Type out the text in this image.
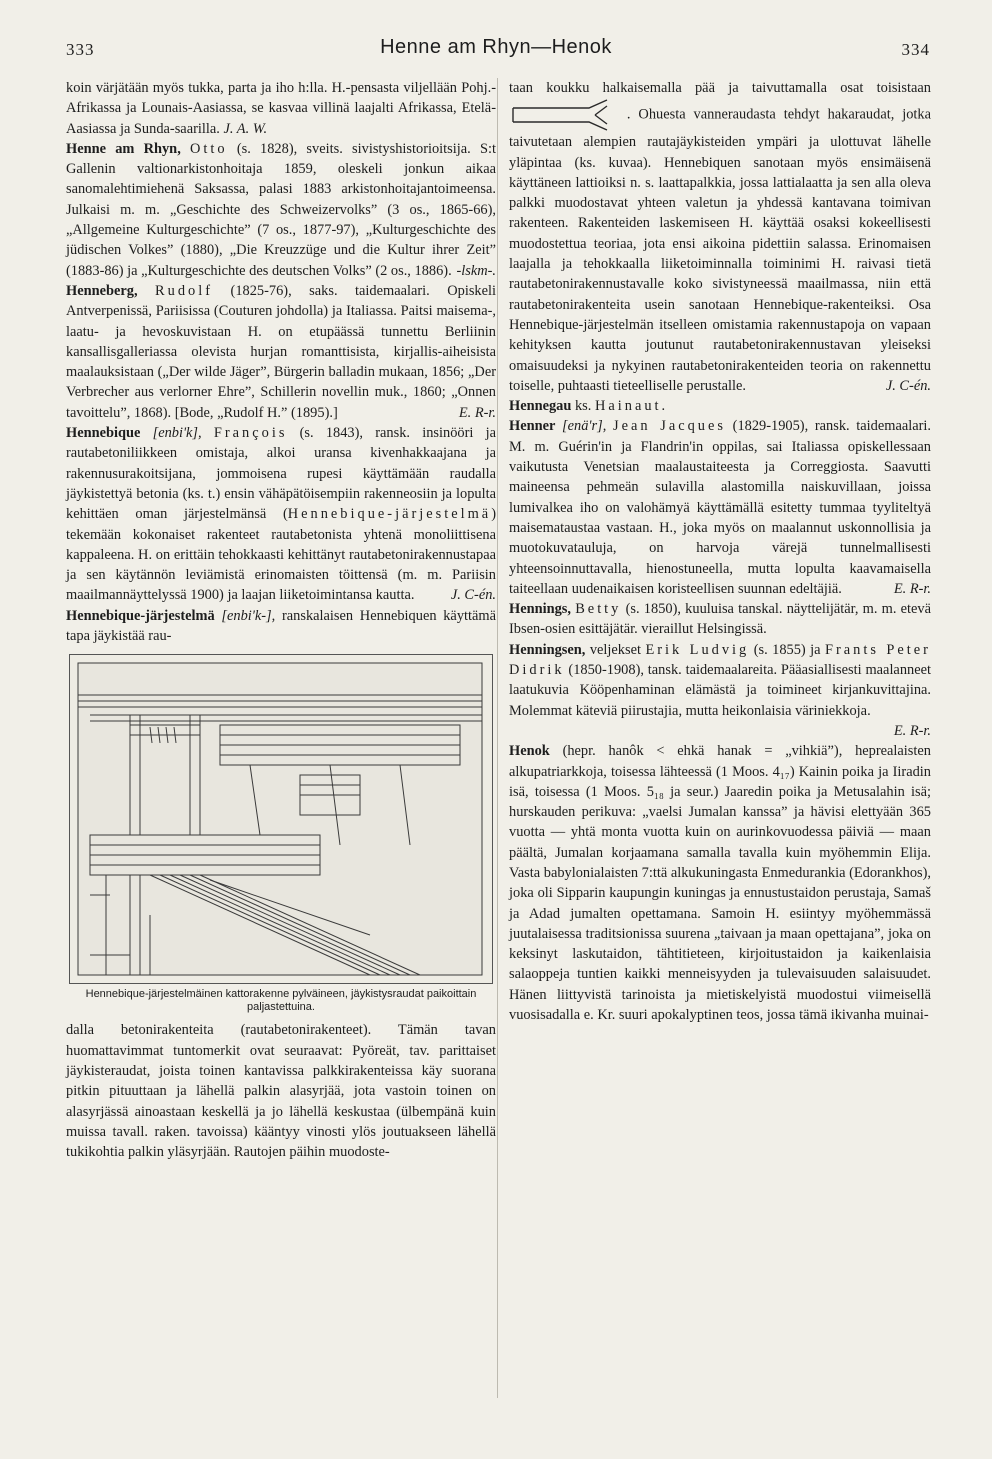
333	Henne am Rhyn—Henok	334

koin värjätään myös tukka, parta ja iho h:lla. H.-pensasta viljellään Pohj.-Afrikassa ja Lounais-Aasiassa, se kasvaa villinä laajalti Afrikassa, Etelä-Aasiassa ja Sunda-saarilla. J. A. W.

Henne am Rhyn, Otto (s. 1828), sveits. sivistyshistorioitsija. S:t Gallenin valtionarkistonhoitaja 1859, oleskeli jonkun aikaa sanomalehtimiehenä Saksassa, palasi 1883 arkistonhoitajantoimeensa. Julkaisi m. m. „Geschichte des Schweizervolks” (3 os., 1865-66), „Allgemeine Kulturgeschichte” (7 os., 1877-97), „Kulturgeschichte des jüdischen Volkes” (1880), „Die Kreuzzüge und die Kultur ihrer Zeit” (1883-86) ja „Kulturgeschichte des deutschen Volks” (2 os., 1886). -lskm-.

Henneberg, Rudolf (1825-76), saks. taidemaalari. Opiskeli Antverpenissä, Pariisissa (Couturen johdolla) ja Italiassa. Paitsi maisema-, laatu- ja hevoskuvistaan H. on etupäässä tunnettu Berliinin kansallisgalleriassa olevista hurjan romanttisista, kirjallis-aiheisista maalauksistaan („Der wilde Jäger”, Bürgerin balladin mukaan, 1856; „Der Verbrecher aus verlorner Ehre”, Schillerin novellin muk., 1860; „Onnen tavoittelu”, 1868). [Bode, „Rudolf H.” (1895).]	E. R-r.

Hennebique [enbi'k], François (s. 1843), ransk. insinööri ja rautabetoniliikkeen omistaja, alkoi uransa kivenhakkaajana ja rakennusurakoitsijana, jommoisena rupesi käyttämään raudalla jäykistettyä betonia (ks. t.) ensin vähäpätöisempiin rakenneosiin ja lopulta kehittäen oman järjestelmänsä (Hennebique-järjestelmä) tekemään kokonaiset rakenteet rautabetonista yhtenä monoliittisena kappaleena. H. on erittäin tehokkaasti kehittänyt rautabetonirakennustapaa ja sen käytännön leviämistä erinomaisten töittensä (m. m. Pariisin maailmannäyttelyssä 1900) ja laajan liiketoimintansa kautta.	J. C-én.

Hennebique-järjestelmä [enbi'k-], ranskalaisen Hennebiquen käyttämä tapa jäykistää rau-

Hennebique-järjestelmäinen kattorakenne pylväineen, jäykistysraudat paikoittain paljastettuina.

dalla betonirakenteita (rautabetonirakenteet). Tämän tavan huomattavimmat tuntomerkit ovat seuraavat: Pyöreät, tav. parittaiset jäykisteraudat, joista toinen kantavissa palkkirakenteissa käy suorana pitkin pituuttaan ja lähellä palkin alasyrjää, jota vastoin toinen on alasyrjässä ainoastaan keskellä ja jo lähellä keskustaa (ülbempänä kuin muissa tavall. raken. tavoissa) kääntyy vinosti ylös joutuakseen lähellä tukikohtia palkin yläsyrjään. Rautojen päihin muodoste-

taan koukku halkaisemalla pää ja taivuttamalla osat toisistaan  . Ohuesta vanneraudasta tehdyt hakaraudat, jotka taivutetaan alempien rautajäykisteiden ympäri ja ulottuvat lähelle yläpintaa (ks. kuvaa). Hennebiquen sanotaan myös ensimäisenä käyttäneen lattioiksi n. s. laattapalkkia, jossa lattialaatta ja sen alla oleva palkki muodostavat yhteen valetun ja yhdessä kantavana toimivan rakenteen. Rakenteiden laskemiseen H. käyttää osaksi kokeellisesti muodostettua teoriaa, jota ensi aikoina pidettiin salassa. Erinomaisen laajalla ja tehokkaalla liiketoiminnalla toiminimi H. raivasi tietä rautabetonirakennustavalle koko sivistyneessä maailmassa, niin että rautabetonirakenteita usein sanotaan Hennebique-rakenteiksi. Osa Hennebique-järjestelmän itselleen omistamia rakennustapoja on vapaan kehityksen kautta joutunut rautabetonirakennustavan yleiseksi omaisuudeksi ja nykyinen rautabetonirakenteiden teoria on rakennettu toiselle, puhtaasti tieteelliselle perustalle.	J. C-én.

Hennegau ks. Hainaut.

Henner [enä'r], Jean Jacques (1829-1905), ransk. taidemaalari. M. m. Guérin'in ja Flandrin'in oppilas, sai Italiassa opiskellessaan vaikutusta Venetsian maalaustaiteesta ja Correggiosta. Saavutti maineensa pehmeän sulavilla alastomilla naiskuvillaan, joissa lumivalkea iho on valohämyä käyttämällä esitetty tummaa tyyliteltyä maisemataustaa vastaan. H., joka myös on maalannut uskonnollisia ja muotokuvatauluja, on harvoja värejä tunnelmallisesti yhteensoinnuttavalla, hienostuneella, mutta lopulta kaavamaisella taiteellaan uudenaikaisen koristeellisen suunnan edeltäjiä.	E. R-r.

Hennings, Betty (s. 1850), kuuluisa tanskal. näyttelijätär, m. m. etevä Ibsen-osien esittäjätär. vieraillut Helsingissä.

Henningsen, veljekset Erik Ludvig (s. 1855) ja Frants Peter Didrik (1850-1908), tansk. taidemaalareita. Pääasiallisesti maalanneet laatukuvia Kööpenhaminan elämästä ja toimineet kirjankuvittajina. Molemmat käteviä piirustajia, mutta heikonlaisia väriniekkoja.
E. R-r.

Henok (hepr. hanôk < ehkä hanak = „vihkiä”), heprealaisten alkupatriarkkoja, toisessa lähteessä (1 Moos. 4₁₇) Kainin poika ja Iiradin isä, toisessa (1 Moos. 5₁₈ ja seur.) Jaaredin poika ja Metusalahin isä; hurskauden perikuva: „vaelsi Jumalan kanssa” ja hävisi elettyään 365 vuotta — yhtä monta vuotta kuin on aurinkovuodessa päiviä — maan päältä, Jumalan korjaamana samalla tavalla kuin myöhemmin Elija. Vasta babylonialaisten 7:ttä alkukuningasta Enmedurankia (Edorankhos), joka oli Sipparin kaupungin kuningas ja ennustustaidon perustaja, Samaš ja Adad jumalten opettamana. Samoin H. esiintyy myöhemmässä juutalaisessa traditsionissa suurena „taivaan ja maan opettajana”, joka on keksinyt laskutaidon, tähtitieteen, kirjoitustaidon ja kaikenlaisia salaoppeja tuntien kaikki menneisyyden ja tulevaisuuden salaisuudet. Hänen liittyvistä tarinoista ja mietiskelyistä muodostui viimeisellä vuosisadalla e. Kr. suuri apokalyptinen teos, jossa tämä ikivanha muinai-
